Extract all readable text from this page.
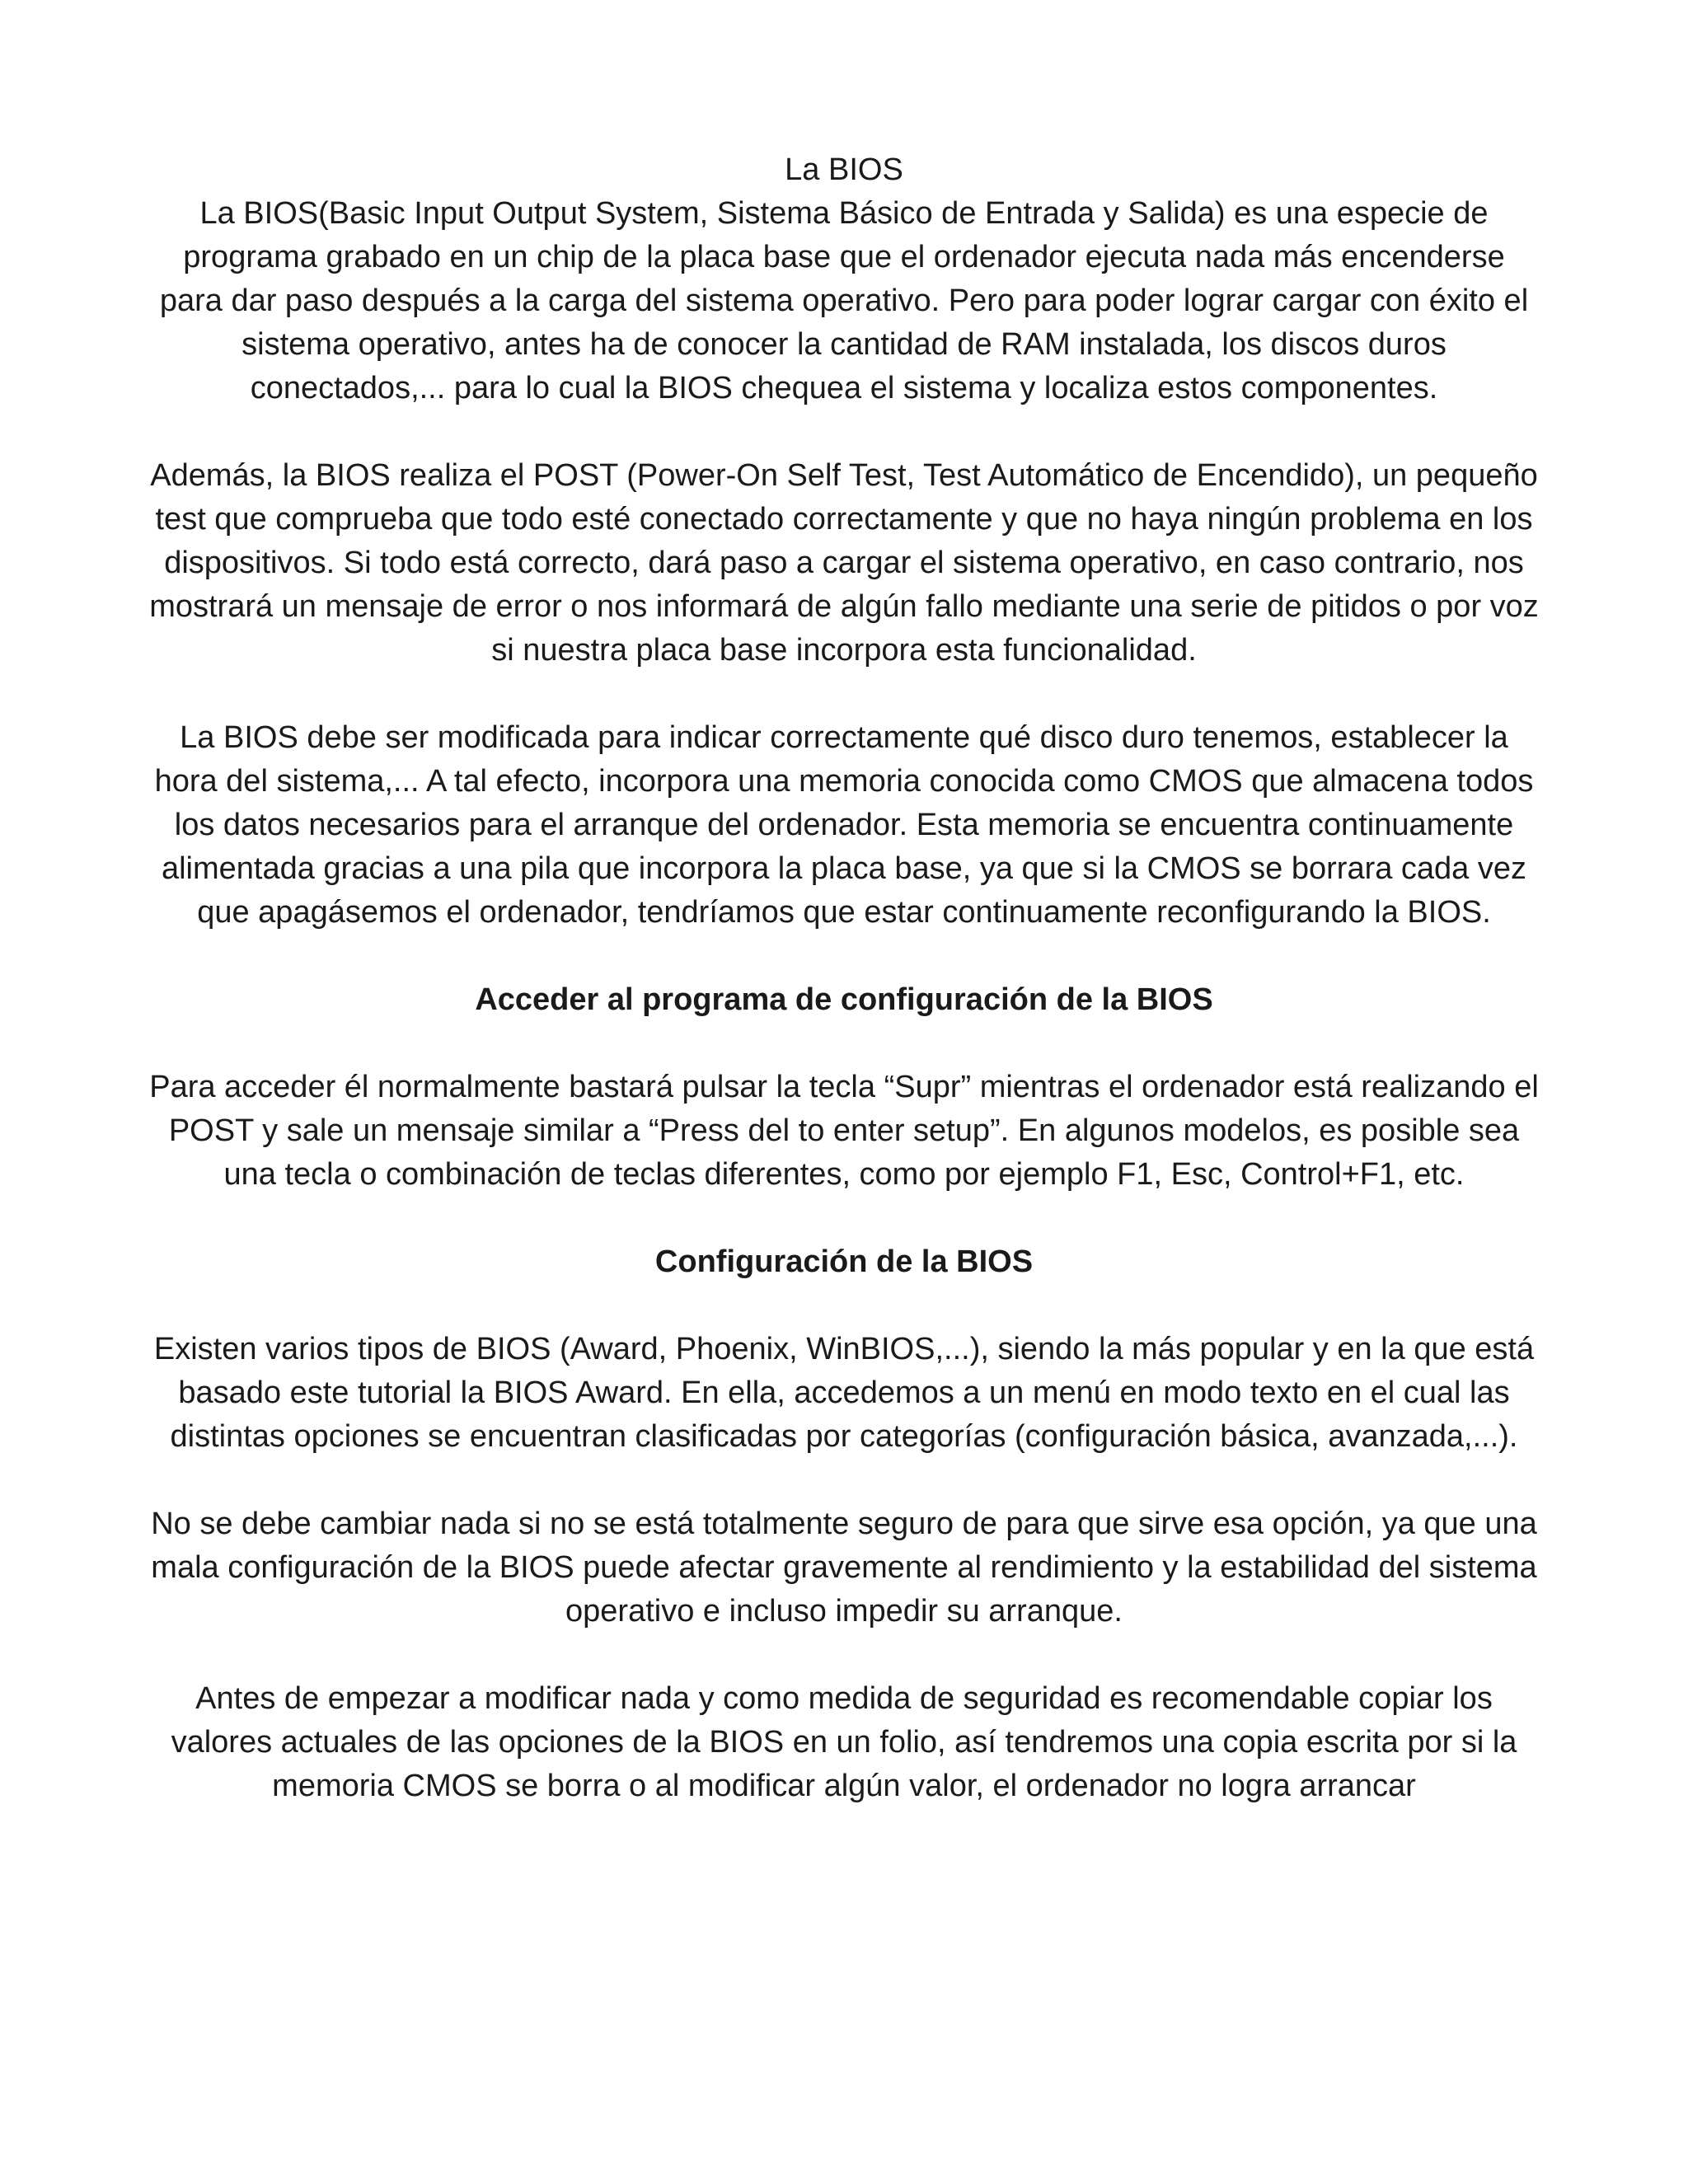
La BIOS

La BIOS(Basic Input Output System, Sistema Básico de Entrada y Salida) es una especie de programa grabado en un chip de la placa base que el ordenador ejecuta nada más encenderse para dar paso después a la carga del sistema operativo. Pero para poder lograr cargar con éxito el sistema operativo, antes ha de conocer la cantidad de RAM instalada, los discos duros conectados,... para lo cual la BIOS chequea el sistema y localiza estos componentes.

Además, la BIOS realiza el POST (Power-On Self Test, Test Automático de Encendido), un pequeño test que comprueba que todo esté conectado correctamente y que no haya ningún problema en los dispositivos. Si todo está correcto, dará paso a cargar el sistema operativo, en caso contrario, nos mostrará un mensaje de error o nos informará de algún fallo mediante una serie de pitidos o por voz si nuestra placa base incorpora esta funcionalidad.

La BIOS debe ser modificada para indicar correctamente qué disco duro tenemos, establecer la hora del sistema,... A tal efecto, incorpora una memoria conocida como CMOS que almacena todos los datos necesarios para el arranque del ordenador. Esta memoria se encuentra continuamente alimentada gracias a una pila que incorpora la placa base, ya que si la CMOS se borrara cada vez que apagásemos el ordenador, tendríamos que estar continuamente reconfigurando la BIOS.

Acceder al programa de configuración de la BIOS

Para acceder él normalmente bastará pulsar la tecla “Supr” mientras el ordenador está realizando el POST y sale un mensaje similar a “Press del to enter setup”. En algunos modelos, es posible sea una tecla o combinación de teclas diferentes, como por ejemplo F1, Esc, Control+F1, etc.

Configuración de la BIOS

Existen varios tipos de BIOS (Award, Phoenix, WinBIOS,...), siendo la más popular y en la que está basado este tutorial la BIOS Award. En ella, accedemos a un menú en modo texto en el cual las distintas opciones se encuentran clasificadas por categorías (configuración básica, avanzada,...).

No se debe cambiar nada si no se está totalmente seguro de para que sirve esa opción, ya que una mala configuración de la BIOS puede afectar gravemente al rendimiento y la estabilidad del sistema operativo e incluso impedir su arranque.

Antes de empezar a modificar nada y como medida de seguridad es recomendable copiar los valores actuales de las opciones de la BIOS en un folio, así tendremos una copia escrita por si la memoria CMOS se borra o al modificar algún valor, el ordenador no logra arrancar
